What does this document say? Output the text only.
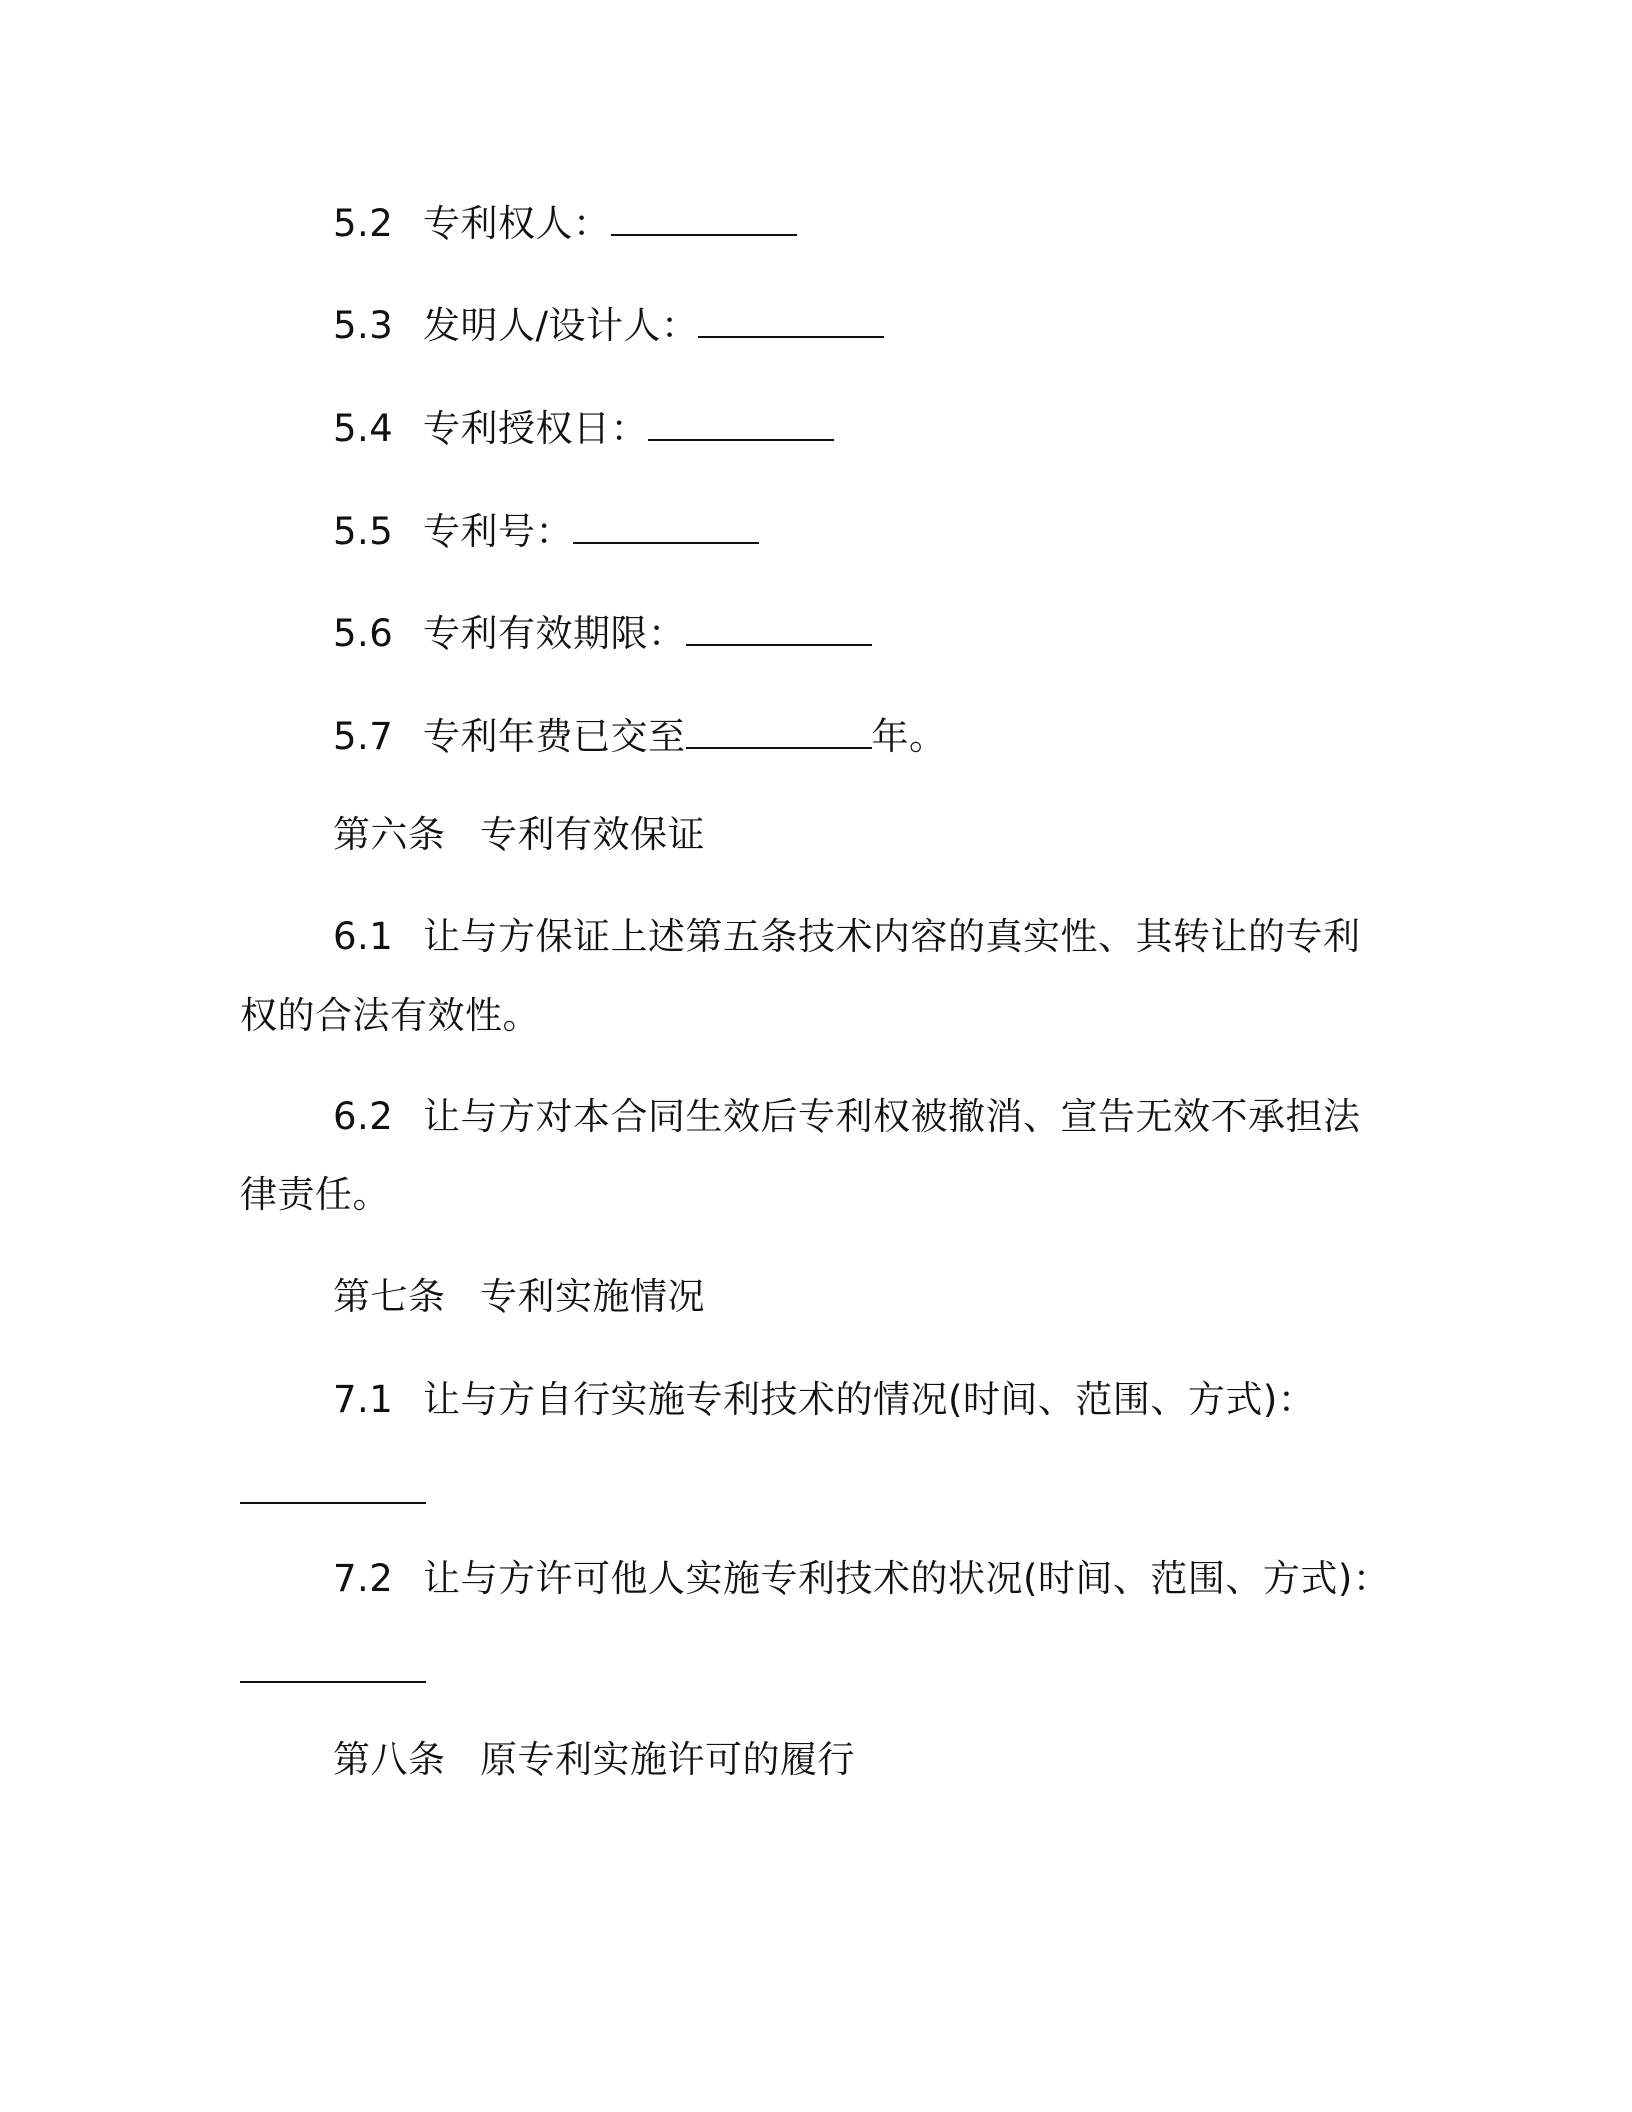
5.2 专利权人：
5.3 发明人/设计人：
5.4 专利授权日：
5.5 专利号：
5.6 专利有效期限：
5.7 专利年费已交至	年。
第六条 专利有效保证
6.1 让与方保证上述第五条技术内容的真实性、其转让的专利
权的合法有效性。
6.2 让与方对本合同生效后专利权被撤消、宣告无效不承担法
律责任。
第七条 专利实施情况
7.1 让与方自行实施专利技术的情况(时间、范围、方式)：
7.2 让与方许可他人实施专利技术的状况(时间、范围、方式)：
第八条 原专利实施许可的履行
